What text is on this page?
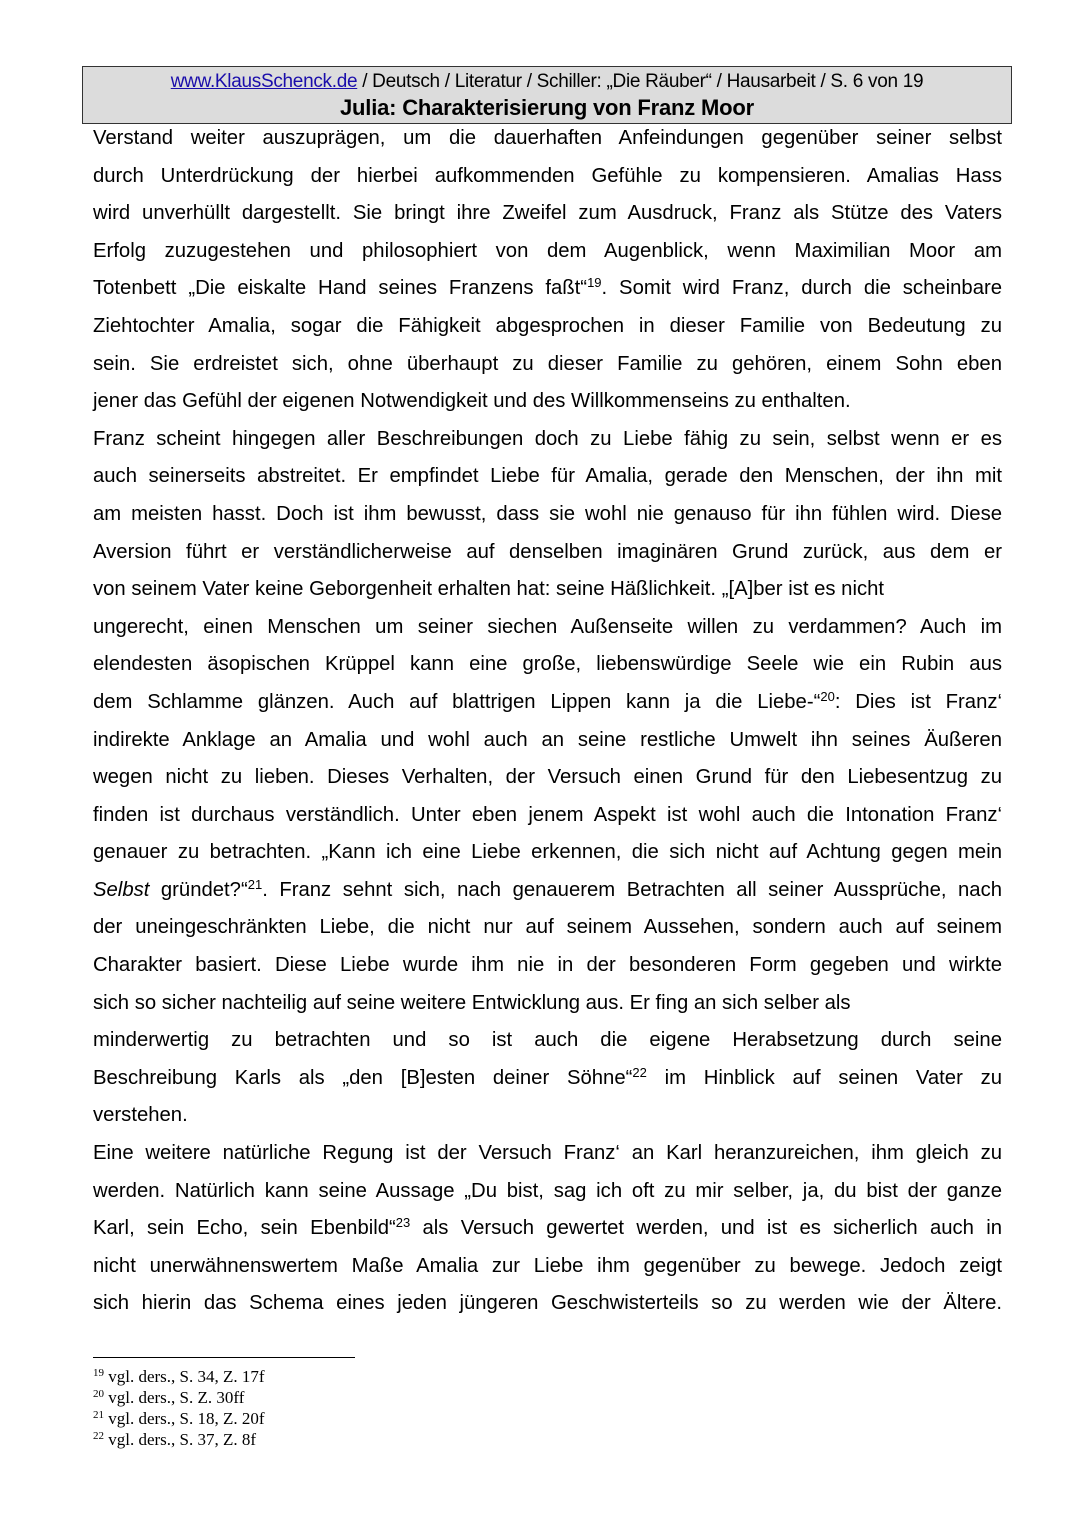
www.KlausSchenck.de / Deutsch / Literatur / Schiller: „Die Räuber“ / Hausarbeit / S. 6 von 19
Julia: Charakterisierung von Franz Moor

Verstand weiter auszuprägen, um die dauerhaften Anfeindungen gegenüber seiner selbst
durch Unterdrückung der hierbei aufkommenden Gefühle zu kompensieren. Amalias Hass
wird unverhüllt dargestellt. Sie bringt ihre Zweifel zum Ausdruck, Franz als Stütze des Vaters
Erfolg zuzugestehen und philosophiert von dem Augenblick, wenn Maximilian Moor am
Totenbett „Die eiskalte Hand seines Franzens faßt“$^{19}$. Somit wird Franz, durch die scheinbare
Ziehtochter Amalia, sogar die Fähigkeit abgesprochen in dieser Familie von Bedeutung zu
sein. Sie erdreistet sich, ohne überhaupt zu dieser Familie zu gehören, einem Sohn eben
jener das Gefühl der eigenen Notwendigkeit und des Willkommenseins zu enthalten.

Franz scheint hingegen aller Beschreibungen doch zu Liebe fähig zu sein, selbst wenn er es
auch seinerseits abstreitet. Er empfindet Liebe für Amalia, gerade den Menschen, der ihn mit
am meisten hasst. Doch ist ihm bewusst, dass sie wohl nie genauso für ihn fühlen wird. Diese
Aversion führt er verständlicherweise auf denselben imaginären Grund zurück, aus dem er
von seinem Vater keine Geborgenheit erhalten hat: seine Häßlichkeit. „[A]ber ist es nicht
ungerecht, einen Menschen um seiner siechen Außenseite willen zu verdammen? Auch im
elendesten äsopischen Krüppel kann eine große, liebenswürdige Seele wie ein Rubin aus
dem Schlamme glänzen. Auch auf blattrigen Lippen kann ja die Liebe-“$^{20}$: Dies ist Franz‘
indirekte Anklage an Amalia und wohl auch an seine restliche Umwelt ihn seines Äußeren
wegen nicht zu lieben. Dieses Verhalten, der Versuch einen Grund für den Liebesentzug zu
finden ist durchaus verständlich. Unter eben jenem Aspekt ist wohl auch die Intonation Franz‘
genauer zu betrachten. „Kann ich eine Liebe erkennen, die sich nicht auf Achtung gegen mein
Selbst gründet?“$^{21}$. Franz sehnt sich, nach genauerem Betrachten all seiner Aussprüche, nach
der uneingeschränkten Liebe, die nicht nur auf seinem Aussehen, sondern auch auf seinem
Charakter basiert. Diese Liebe wurde ihm nie in der besonderen Form gegeben und wirkte
sich so sicher nachteilig auf seine weitere Entwicklung aus. Er fing an sich selber als
minderwertig zu betrachten und so ist auch die eigene Herabsetzung durch seine
Beschreibung Karls als „den [B]esten deiner Söhne“$^{22}$ im Hinblick auf seinen Vater zu
verstehen.

Eine weitere natürliche Regung ist der Versuch Franz‘ an Karl heranzureichen, ihm gleich zu
werden. Natürlich kann seine Aussage „Du bist, sag ich oft zu mir selber, ja, du bist der ganze
Karl, sein Echo, sein Ebenbild“$^{23}$ als Versuch gewertet werden, und ist es sicherlich auch in
nicht unerwähnenswertem Maße Amalia zur Liebe ihm gegenüber zu bewege. Jedoch zeigt
sich hierin das Schema eines jeden jüngeren Geschwisterteils so zu werden wie der Ältere.

$^{19}$ vgl. ders., S. 34, Z. 17f
$^{20}$ vgl. ders., S. Z. 30ff
$^{21}$ vgl. ders., S. 18, Z. 20f
$^{22}$ vgl. ders., S. 37, Z. 8f
